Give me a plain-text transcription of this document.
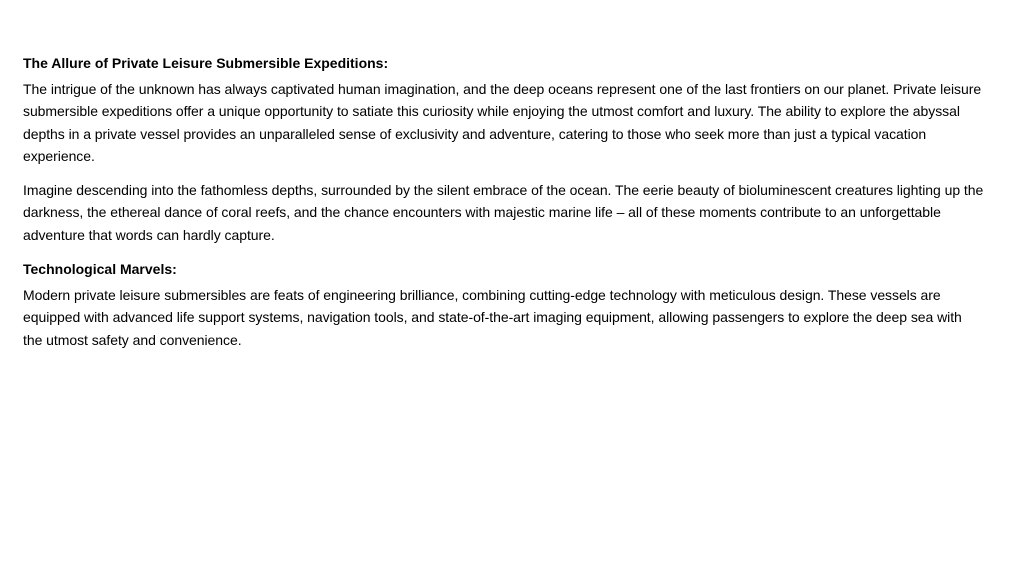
The Allure of Private Leisure Submersible Expeditions:

The intrigue of the unknown has always captivated human imagination, and the deep oceans represent one of the last frontiers on our planet. Private leisure submersible expeditions offer a unique opportunity to satiate this curiosity while enjoying the utmost comfort and luxury. The ability to explore the abyssal depths in a private vessel provides an unparalleled sense of exclusivity and adventure, catering to those who seek more than just a typical vacation experience.

Imagine descending into the fathomless depths, surrounded by the silent embrace of the ocean. The eerie beauty of bioluminescent creatures lighting up the darkness, the ethereal dance of coral reefs, and the chance encounters with majestic marine life – all of these moments contribute to an unforgettable adventure that words can hardly capture.

Technological Marvels:

Modern private leisure submersibles are feats of engineering brilliance, combining cutting-edge technology with meticulous design. These vessels are equipped with advanced life support systems, navigation tools, and state-of-the-art imaging equipment, allowing passengers to explore the deep sea with the utmost safety and convenience.
